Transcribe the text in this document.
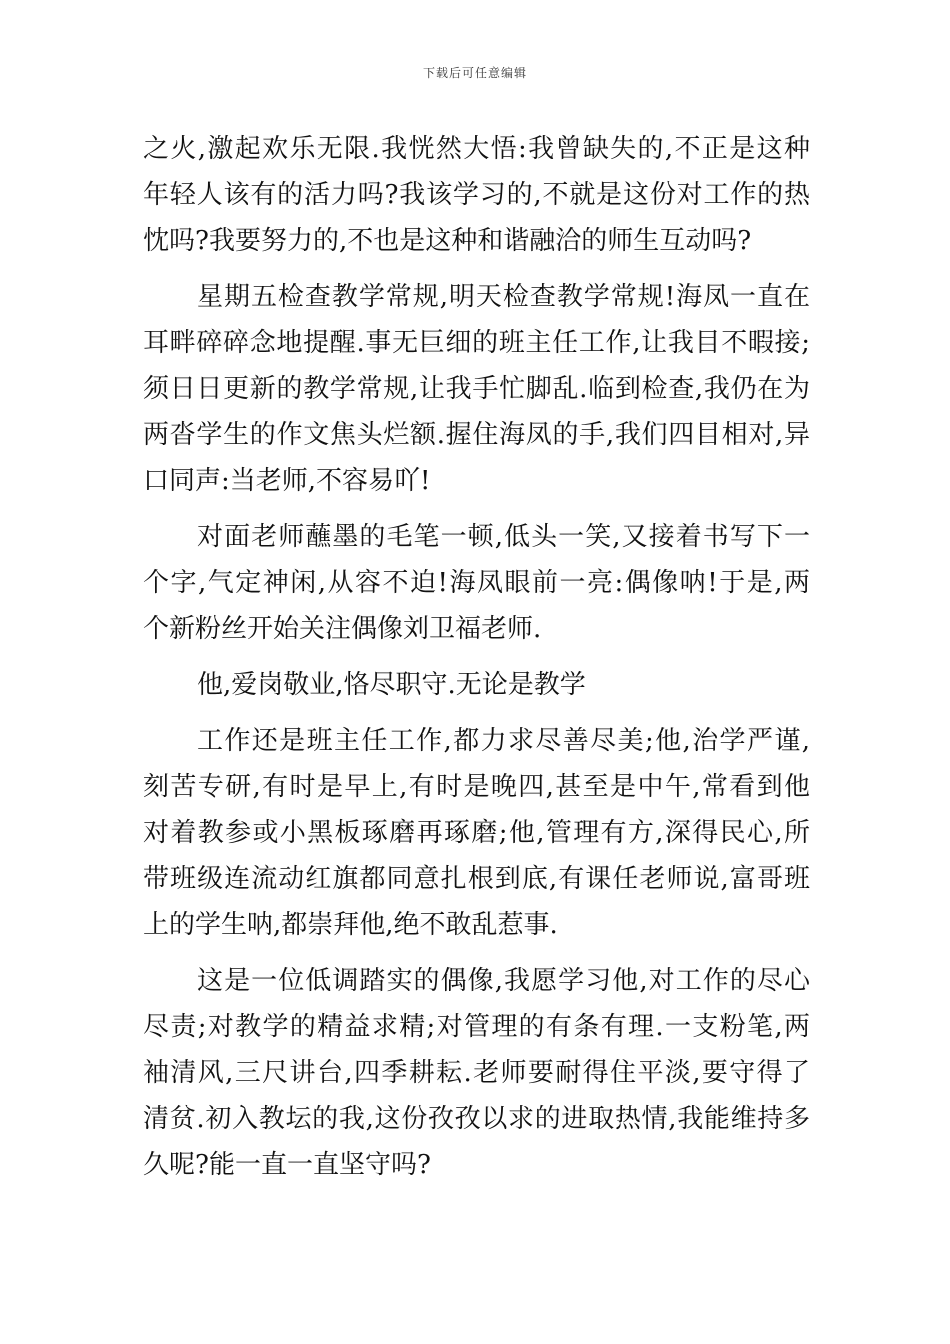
下载后可任意编辑
之火,激起欢乐无限.我恍然大悟:我曾缺失的,不正是这种
年轻人该有的活力吗?我该学习的,不就是这份对工作的热
忱吗?我要努力的,不也是这种和谐融洽的师生互动吗?
星期五检查教学常规,明天检查教学常规!海凤一直在
耳畔碎碎念地提醒.事无巨细的班主任工作,让我目不暇接;
须日日更新的教学常规,让我手忙脚乱.临到检查,我仍在为
两沓学生的作文焦头烂额.握住海凤的手,我们四目相对,异
口同声:当老师,不容易吖!
对面老师蘸墨的毛笔一顿,低头一笑,又接着书写下一
个字,气定神闲,从容不迫!海凤眼前一亮:偶像呐!于是,两
个新粉丝开始关注偶像刘卫福老师.
他,爱岗敬业,恪尽职守.无论是教学
工作还是班主任工作,都力求尽善尽美;他,治学严谨,
刻苦专研,有时是早上,有时是晚四,甚至是中午,常看到他
对着教参或小黑板琢磨再琢磨;他,管理有方,深得民心,所
带班级连流动红旗都同意扎根到底,有课任老师说,富哥班
上的学生呐,都崇拜他,绝不敢乱惹事.
这是一位低调踏实的偶像,我愿学习他,对工作的尽心
尽责;对教学的精益求精;对管理的有条有理.一支粉笔,两
袖清风,三尺讲台,四季耕耘.老师要耐得住平淡,要守得了
清贫.初入教坛的我,这份孜孜以求的进取热情,我能维持多
久呢?能一直一直坚守吗?
